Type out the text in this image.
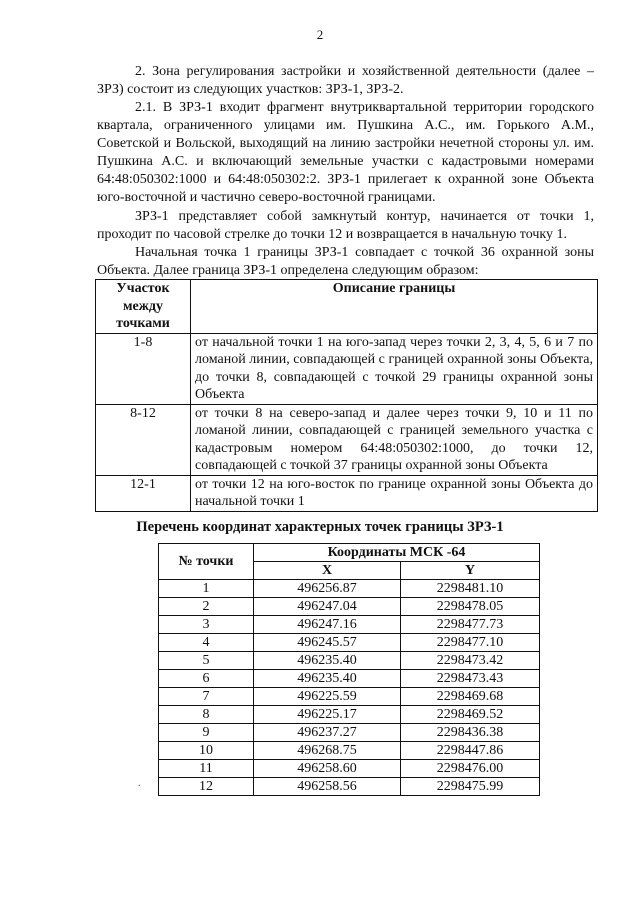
2

2. Зона регулирования застройки и хозяйственной деятельности (далее – ЗРЗ) состоит из следующих участков: ЗРЗ-1, ЗРЗ-2.

2.1. В ЗРЗ-1 входит фрагмент внутриквартальной территории городского квартала, ограниченного улицами им. Пушкина А.С., им. Горького А.М., Советской и Вольской, выходящий на линию застройки нечетной стороны ул. им. Пушкина А.С. и включающий земельные участки с кадастровыми номерами 64:48:050302:1000 и 64:48:050302:2. ЗРЗ-1 прилегает к охранной зоне Объекта юго-восточной и частично северо-восточной границами.

ЗРЗ-1 представляет собой замкнутый контур, начинается от точки 1, проходит по часовой стрелке до точки 12 и возвращается в начальную точку 1.

Начальная точка 1 границы ЗРЗ-1 совпадает с точкой 36 охранной зоны Объекта. Далее граница ЗРЗ-1 определена следующим образом:

Участок между точками	Описание границы
1-8	от начальной точки 1 на юго-запад через точки 2, 3, 4, 5, 6 и 7 по ломаной линии, совпадающей с границей охранной зоны Объекта, до точки 8, совпадающей с точкой 29 границы охранной зоны Объекта
8-12	от точки 8 на северо-запад и далее через точки 9, 10 и 11 по ломаной линии, совпадающей с границей земельного участка с кадастровым номером 64:48:050302:1000, до точки 12, совпадающей с точкой 37 границы охранной зоны Объекта
12-1	от точки 12 на юго-восток по границе охранной зоны Объекта до начальной точки 1
Перечень координат характерных точек границы ЗРЗ-1
№ точки	Координаты МСК -64	
	X	Y
1	496256.87	2298481.10
2	496247.04	2298478.05
3	496247.16	2298477.73
4	496245.57	2298477.10
5	496235.40	2298473.42
6	496235.40	2298473.43
7	496225.59	2298469.68
8	496225.17	2298469.52
9	496237.27	2298436.38
10	496268.75	2298447.86
11	496258.60	2298476.00
12	496258.56	2298475.99
.
